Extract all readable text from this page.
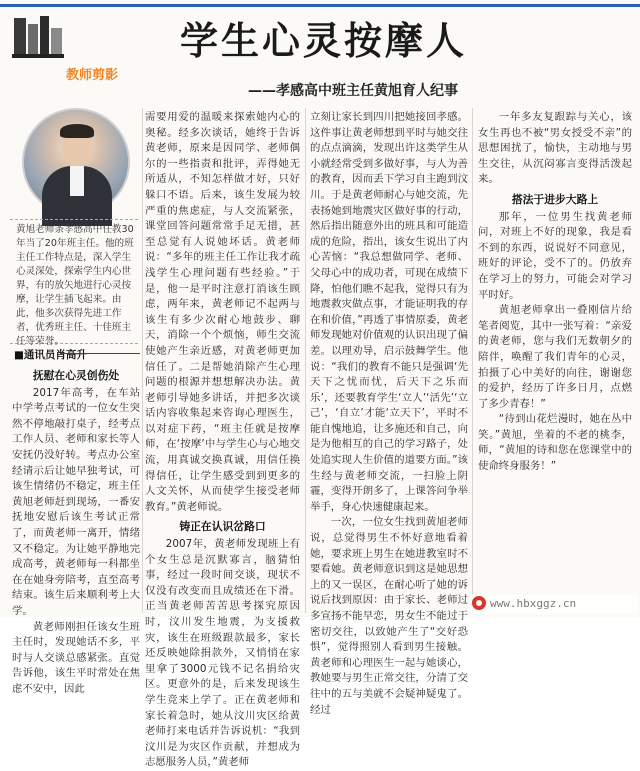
教师剪影
学生心灵按摩人
——孝感高中班主任黄旭育人纪事
黄旭老师条孝感高中任教30年当了20年班主任。他的班主任工作特点是，深入学生心灵深处，探索学生内心世界，有的放矢地进行心灵按摩，让学生插飞起来。由此，他多次获得先进工作者，优秀班主任、十佳班主任等荣誉。
■通讯员肖高升
抚慰在心灵创伤处

2017年高考，在车站中学考点考试的一位女生突然不停地敲打桌子，经考点工作人员、老师和家长等人安抚仍没好转。考点办公室经请示后让她早独考试，可该生情绪仍不稳定，班主任黄旭老师赶到现场，一番安抚地安慰后该生考试正常了，而黄老师一离开，情绪又不稳定。为让她平静地完成高考，黄老师每一科都坐在在她身旁陪考，直至高考结束。该生后来顺利考上大学。

黄老师刚担任该女生班主任时，发现她话不多，平时与人交谈总感紧张。直觉告诉他，该生平时常处在焦虑不安中，因此

需要用爱的温暖来探索她内心的奥秘。经多次谈话，她终于告诉黄老师，原来是因同学、老师偶尔的一些指责和批评，弄得她无所适从，不知怎样做才好，只好躲口不语。后来，该生发展为较严重的焦虑症，与人交流紧张，课堂回答问题常常手足无措，甚至总觉有人说她坏话。黄老师说：“多年的班主任工作让我才疏浅学生心理问题有些经验。”于是，他一是平时注意打消该生顾虑，两年来，黄老师记不起两与该生有多少次耐心地鼓步、聊天，消除一个个烦恼，师生交流使她产生亲近感，对黄老师更加信任了。二是帮她消除产生心理问题的根源并想想解决办法。黄老师引导她多讲话，并把多次谈话内容收集起来咨询心理医生，以对症下药，“班主任就是按摩师，在‘按摩’中与学生心与心地交流，用真诚交换真诚，用信任换得信任，让学生感受到到更多的人文关怀，从而使学生接受老师教育。”黄老师说。

铸正在认识岔路口

2007年，黄老师发现班上有个女生总是沉默寡言，脑猜怕事，经过一段时间交谈，现状不仅没有改变而且成绩还在下滑。正当黄老师苦苦思考探究原因时，汶川发生地震，为支援救灾，该生在班级跟款最多，家长还反映她除捐款外，又悄悄在家里拿了3000元钱不记名捐给灾区。更意外的是，后来发现该生学生竞来上学了。正在黄老师和家长着急时，她从汶川灾区给黄老师打来电话并告诉说机：“我到汶川是为灾区作贡献，并想成为志愿服务人员，”黄老师

立刻让家长到四川把她接回孝感。这件事让黄老师想到平时与她交往的点点滴滴，发现出许这类学生从小就经常受到多做好事，与人为善的教育，因而丢下学习自主跑到汶川。于是黄老师耐心与她交流，先表扬她到地震灾区做好事的行动，然后指出随意外出的班具和可能造成的危险，指出，该女生说出了内心苦恼：“我总想做同学、老师、父母心中的成功者，可现在成绩下降，怕他们瞧不起我，觉得只有为地震救灾做点事，才能证明我的存在和价值，”再透了事情原委，黄老师发现她对价值观的认识出现了偏差。以理劝导，启示鼓舞学生。他说：“我们的教育不能只是强调‘先天下之忧而忧，后天下之乐而乐’，还要教育学生‘立人’‘活先’‘立己’，‘自立’才能‘立天下’，平时不能自愧地追，让多施还和自己，向是为他相互的自己的学习路子，处处追实现人生价值的道要方面。”该生经与黄老师交流，一扫脸上阴霾，变得开朗多了，上课答问争举举手，身心快速健康起来。

一次，一位女生找到黄旭老师说，总觉得男生不怀好意地看着她，要求班上男生在她进教室时不要看她。黄老师意识到这是她思想上的又一误区，在耐心听了她的诉说后找到原因：由于家长、老师过多宣扬不能早恋，男女生不能过于密切交往，以致她产生了“交好恐惧”，觉得照别人看到男生接触。黄老师和心理医生一起与她谈心，教她要与男生正常交往，分清了交往中的五与美就不会疑神疑鬼了。经过

一年多友复跟踪与关心，该女生再也不被“男女授受不亲”的思想困扰了，愉快，主动地与男生交往，从沉闷寡言变得活泼起来。

搭法于进步大路上

那年，一位男生找黄老师问，对班上不好的现象，我是看不到的东西，说说好不同意见，班好的评论，受不了的。仍放弃在学习上的努力，可能会对学习平时好。

黄旭老师拿出一叠刚信片给笔者阅览，其中一张写着：“亲爱的黄老师，您与我们无数朝夕的陪伴，唤醒了我们青年的心灵，拍摄了心中美好的向往，谢谢您的爱护，经历了许多日月，点燃了多少青春！”

“待到山花烂漫时，她在丛中笑。”黄旭，坐着的不老的桃李，师，“黄旭的诗和您在您课堂中的使命终身服务！”

www.hbxggz.cn
